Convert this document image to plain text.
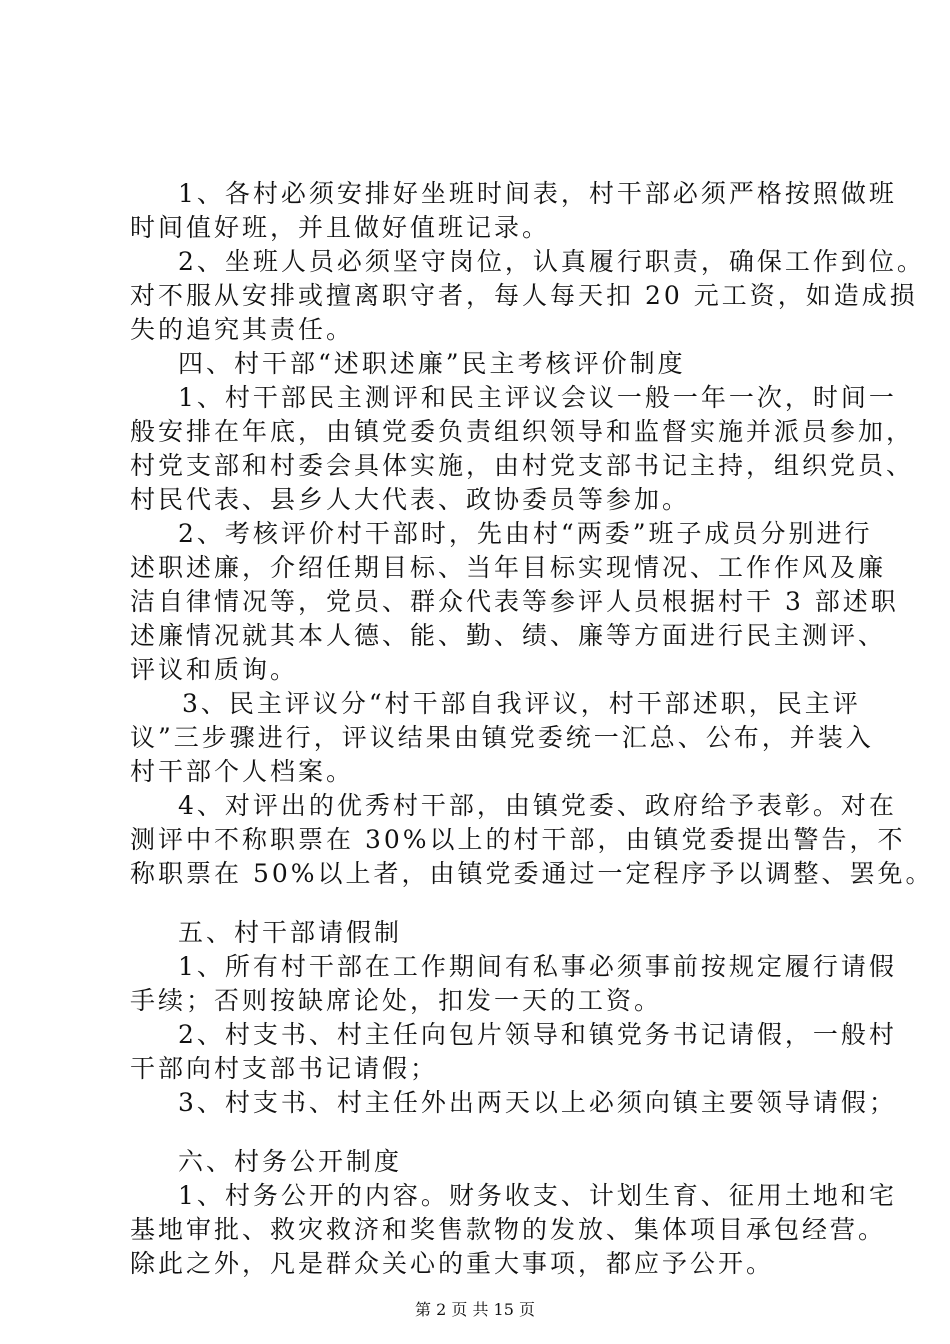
1、各村必须安排好坐班时间表，村干部必须严格按照做班
时间值好班，并且做好值班记录。
2、坐班人员必须坚守岗位，认真履行职责，确保工作到位。
对不服从安排或擅离职守者，每人每天扣 20 元工资，如造成损
失的追究其责任。
四、村干部“述职述廉”民主考核评价制度
1、村干部民主测评和民主评议会议一般一年一次，时间一
般安排在年底，由镇党委负责组织领导和监督实施并派员参加，
村党支部和村委会具体实施，由村党支部书记主持，组织党员、
村民代表、县乡人大代表、政协委员等参加。
2、考核评价村干部时，先由村“两委”班子成员分别进行
述职述廉，介绍任期目标、当年目标实现情况、工作作风及廉
洁自律情况等，党员、群众代表等参评人员根据村干 3 部述职
述廉情况就其本人德、能、勤、绩、廉等方面进行民主测评、
评议和质询。
3、民主评议分“村干部自我评议，村干部述职，民主评
议”三步骤进行，评议结果由镇党委统一汇总、公布，并装入
村干部个人档案。
4、对评出的优秀村干部，由镇党委、政府给予表彰。对在
测评中不称职票在 30%以上的村干部，由镇党委提出警告，不
称职票在 50%以上者，由镇党委通过一定程序予以调整、罢免。
五、村干部请假制
1、所有村干部在工作期间有私事必须事前按规定履行请假
手续；否则按缺席论处，扣发一天的工资。
2、村支书、村主任向包片领导和镇党务书记请假，一般村
干部向村支部书记请假；
3、村支书、村主任外出两天以上必须向镇主要领导请假；
六、村务公开制度
1、村务公开的内容。财务收支、计划生育、征用土地和宅
基地审批、救灾救济和奖售款物的发放、集体项目承包经营。
除此之外，凡是群众关心的重大事项，都应予公开。
第 2 页 共 15 页
